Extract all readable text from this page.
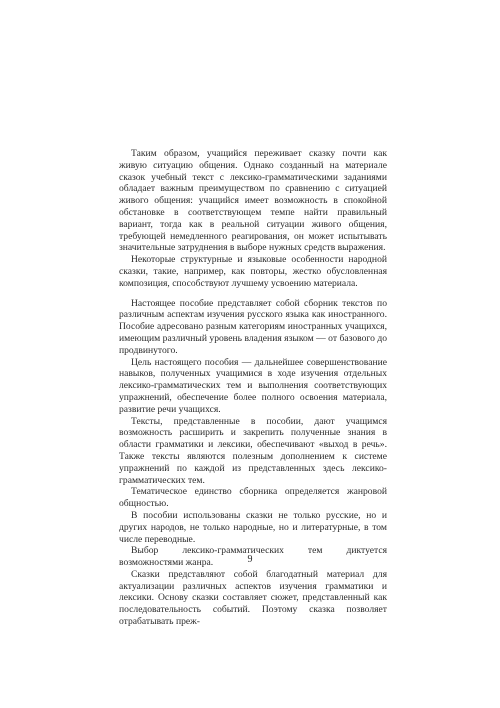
Таким образом, учащийся переживает сказку почти как живую ситуацию общения. Однако созданный на материале сказок учебный текст с лексико-грамматическими заданиями обладает важным преимуществом по сравнению с ситуацией живого общения: учащийся имеет возможность в спокойной обстановке в соответствующем темпе найти правильный вариант, тогда как в реальной ситуации живого общения, требующей немедленного реагирования, он может испытывать значительные затруднения в выборе нужных средств выражения.

Некоторые структурные и языковые особенности народной сказки, такие, например, как повторы, жестко обусловленная композиция, способствуют лучшему усвоению материала.

Настоящее пособие представляет собой сборник текстов по различным аспектам изучения русского языка как иностранного. Пособие адресовано разным категориям иностранных учащихся, имеющим различный уровень владения языком — от базового до продвинутого.

Цель настоящего пособия — дальнейшее совершенствование навыков, полученных учащимися в ходе изучения отдельных лексико-грамматических тем и выполнения соответствующих упражнений, обеспечение более полного освоения материала, развитие речи учащихся.

Тексты, представленные в пособии, дают учащимся возможность расширить и закрепить полученные знания в области грамматики и лексики, обеспечивают «выход в речь». Также тексты являются полезным дополнением к системе упражнений по каждой из представленных здесь лексико-грамматических тем.

Тематическое единство сборника определяется жанровой общностью.

В пособии использованы сказки не только русские, но и других народов, не только народные, но и литературные, в том числе переводные.

Выбор лексико-грамматических тем диктуется возможностями жанра.

Сказки представляют собой благодатный материал для актуализации различных аспектов изучения грамматики и лексики. Основу сказки составляет сюжет, представленный как последовательность событий. Поэтому сказка позволяет отрабатывать преж-

9
